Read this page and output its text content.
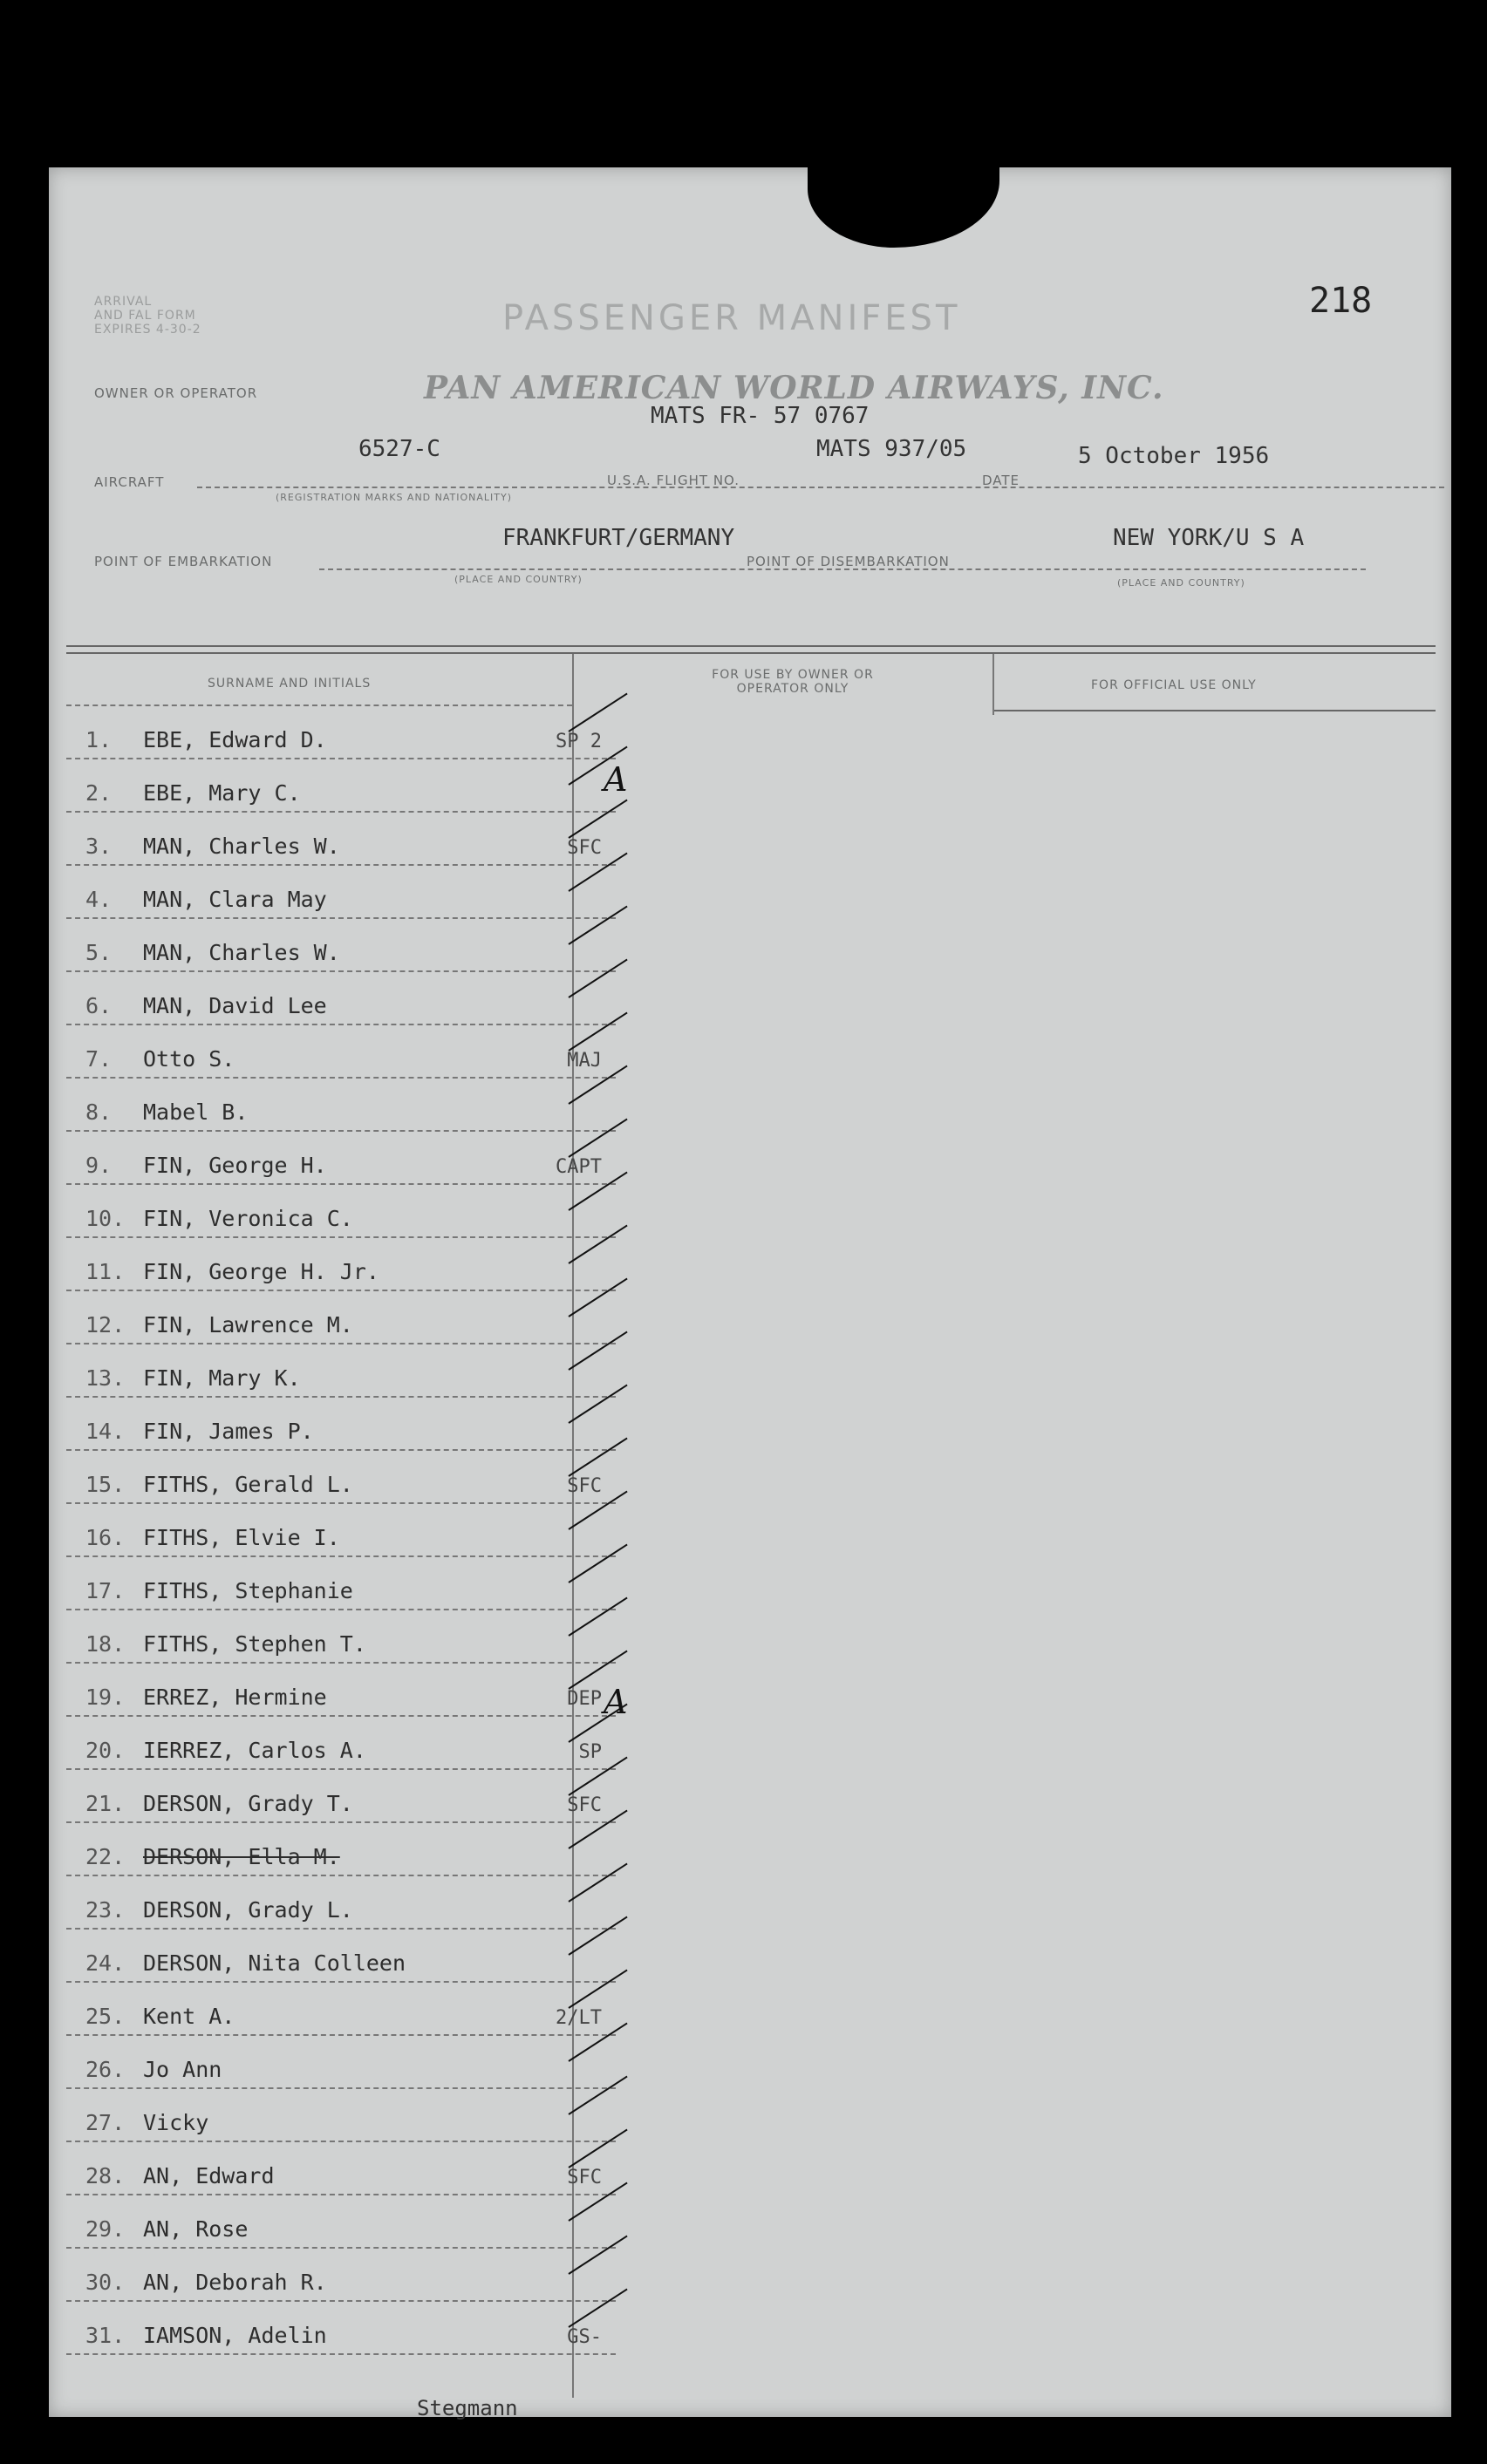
ARRIVAL
AND FAL FORM
EXPIRES 4-30-2	PASSENGER MANIFEST	218
OWNER OR OPERATOR	PAN AMERICAN WORLD AIRWAYS, INC.
MATS FR- 57 0767
AIRCRAFT
6527-C
U.S.A. FLIGHT NO.
MATS 937/05
DATE
5 October 1956
(REGISTRATION MARKS AND NATIONALITY)
POINT OF EMBARKATION
FRANKFURT/GERMANY
POINT OF DISEMBARKATION
NEW YORK/U S A
(PLACE AND COUNTRY)	(PLACE AND COUNTRY)
SURNAME AND INITIALS
FOR USE BY OWNER OR OPERATOR ONLY	FOR OFFICIAL USE ONLY
1.	EBE, Edward D.	SP 2
2.	EBE, Mary C.
3.	MAN, Charles W.	SFC
4.	MAN, Clara May
5.	MAN, Charles W.
6.	MAN, David Lee
7.	Otto S.	MAJ
8.	Mabel B.
9.	FIN, George H.	CAPT
10. FIN, Veronica C.
11. FIN, George H. Jr.
12. FIN, Lawrence M.
13. FIN, Mary K.
14. FIN, James P.
15. FITHS, Gerald L.	SFC
16. FITHS, Elvie I.
17. FITHS, Stephanie
18. FITHS, Stephen T.
19. ERREZ, Hermine	DEP
20. IERREZ, Carlos A.	SP
21. DERSON, Grady T.	SFC
22. DERSON, Ella M.
23. DERSON, Grady L.
24. DERSON, Nita Colleen
25. Kent A.	2/LT
26. Jo Ann
27. Vicky
28. AN, Edward	SFC
29. AN, Rose
30. AN, Deborah R.
31. IAMSON, Adelin	GS-
A
A
Stegmann
